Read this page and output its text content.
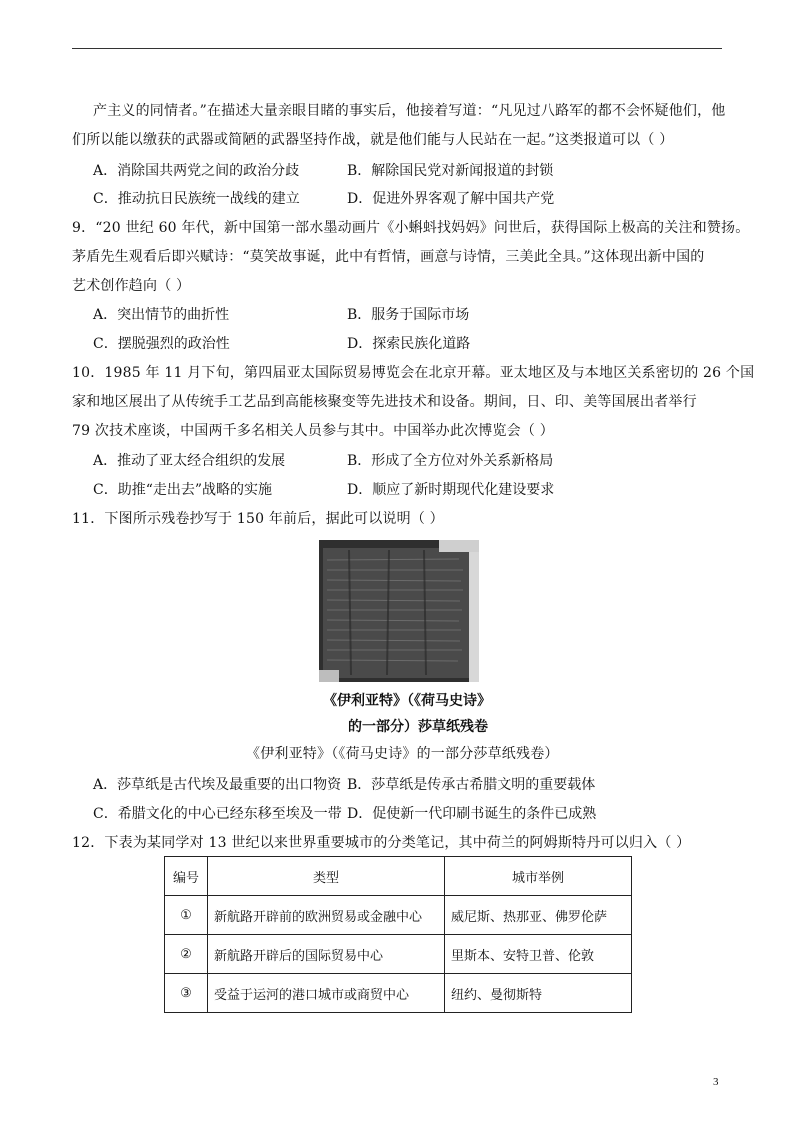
产主义的同情者。”在描述大量亲眼目睹的事实后，他接着写道：“凡见过八路军的都不会怀疑他们，他
们所以能以缴获的武器或简陋的武器坚持作战，就是他们能与人民站在一起。”这类报道可以（ ）
A．消除国共两党之间的政治分歧	B．解除国民党对新闻报道的封锁
C．推动抗日民族统一战线的建立	D．促进外界客观了解中国共产党
9．“20 世纪 60 年代，新中国第一部水墨动画片《小蝌蚪找妈妈》问世后，获得国际上极高的关注和赞扬。
茅盾先生观看后即兴赋诗：“莫笑故事诞，此中有哲情，画意与诗情，三美此全具。”这体现出新中国的
艺术创作趋向（ ）
A．突出情节的曲折性	B．服务于国际市场
C．摆脱强烈的政治性	D．探索民族化道路
10．1985 年 11 月下旬，第四届亚太国际贸易博览会在北京开幕。亚太地区及与本地区关系密切的 26 个国
家和地区展出了从传统手工艺品到高能核聚变等先进技术和设备。期间，日、印、美等国展出者举行
79 次技术座谈，中国两千多名相关人员参与其中。中国举办此次博览会（ ）
A．推动了亚太经合组织的发展	B．形成了全方位对外关系新格局
C．助推“走出去”战略的实施	D．顺应了新时期现代化建设要求
11．下图所示残卷抄写于 150 年前后，据此可以说明（ ）
《伊利亚特》（《荷马史诗》
的一部分）莎草纸残卷
《伊利亚特》（《荷马史诗》的一部分莎草纸残卷）
A．莎草纸是古代埃及最重要的出口物资 B．莎草纸是传承古希腊文明的重要载体
C．希腊文化的中心已经东移至埃及一带 D．促使新一代印刷书诞生的条件已成熟
12．下表为某同学对 13 世纪以来世界重要城市的分类笔记，其中荷兰的阿姆斯特丹可以归入（ ）
编号	类型	城市举例
①	新航路开辟前的欧洲贸易或金融中心	威尼斯、热那亚、佛罗伦萨
②	新航路开辟后的国际贸易中心	里斯本、安特卫普、伦敦
③	受益于运河的港口城市或商贸中心	纽约、曼彻斯特
3
